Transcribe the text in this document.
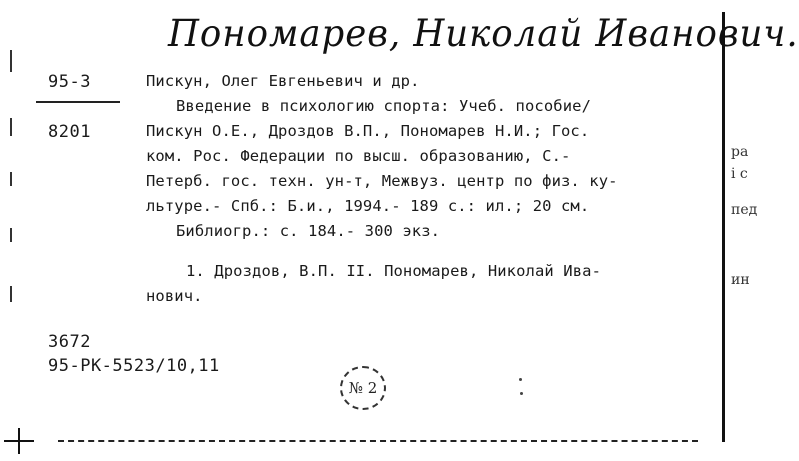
Пономарев, Николай Иванович.
95-3
8201
Пискун, Олег Евгеньевич и др.
Введение в психологию спорта: Учеб. пособие/
Пискун О.Е., Дроздов В.П., Пономарев Н.И.; Гос.
ком. Рос. Федерации по высш. образованию, С.-
Петерб. гос. техн. ун-т, Межвуз. центр по физ. ку-
льтуре.- Спб.: Б.и., 1994.- 189 с.: ил.; 20 см.
Библиогр.: с. 184.- 300 экз.
1. Дроздов, В.П. II. Пономарев, Николай Ива-
нович.
3672
95-РК-5523/10,11
№ 2
ра
і с
пед
ин
